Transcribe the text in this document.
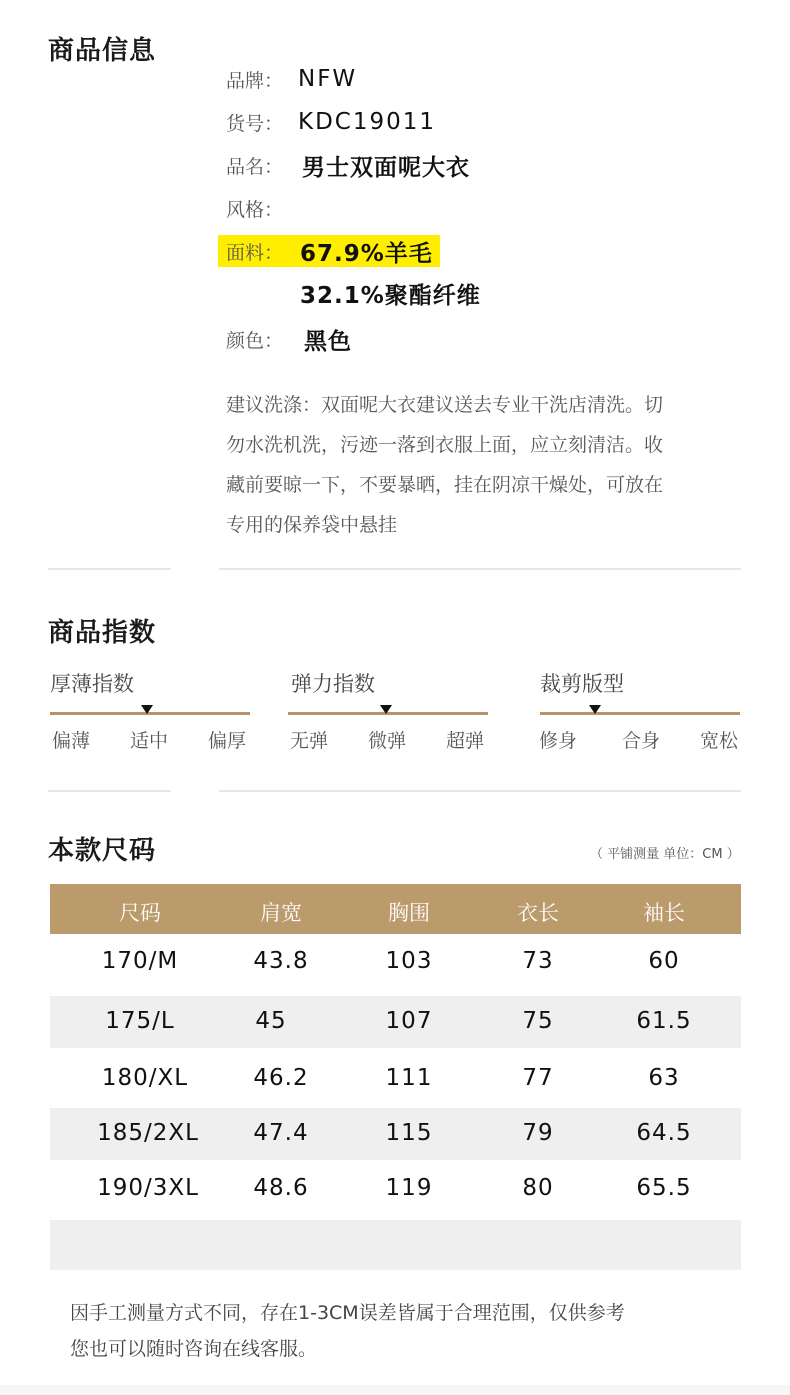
商品信息
品牌： NFW
货号： KDC19011
品名： 男士双面呢大衣
风格：
面料： 67.9%羊毛
32.1%聚酯纤维
颜色： 黑色
建议洗涤：双面呢大衣建议送去专业干洗店清洗。切
勿水洗机洗，污迹一落到衣服上面，应立刻清洁。收
藏前要晾一下，不要暴晒，挂在阴凉干燥处，可放在
专用的保养袋中悬挂
商品指数
厚薄指数
偏薄 适中 偏厚
弹力指数
无弹 微弹 超弹
裁剪版型
修身 合身 宽松
本款尺码	（ 平铺测量 单位：CM ）
尺码	肩宽	胸围	衣长	袖长
170/M	43.8	103	73	60
175/L	45	107	75	61.5
180/XL	46.2	111	77	63
185/2XL	47.4	115	79	64.5
190/3XL	48.6	119	80	65.5
因手工测量方式不同，存在1-3CM误差皆属于合理范围，仅供参考
您也可以随时咨询在线客服。
